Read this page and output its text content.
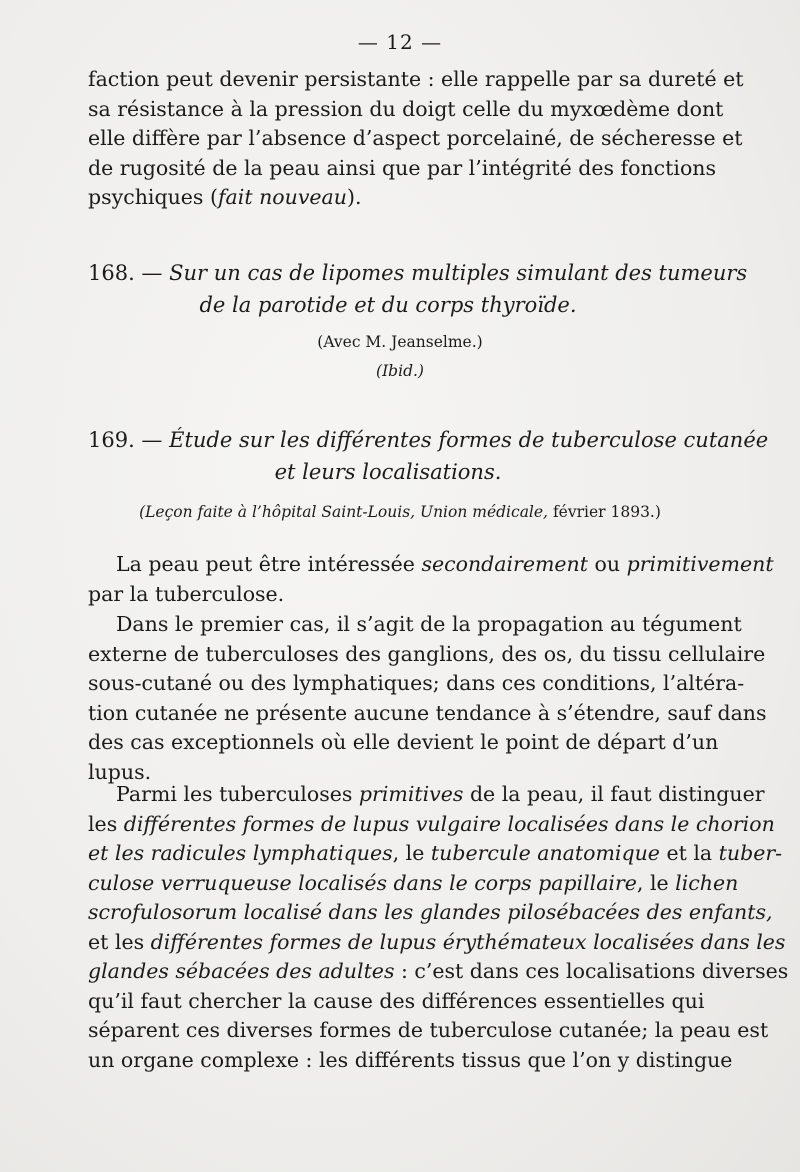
— 12 —
faction peut devenir persistante : elle rappelle par sa dureté et
sa résistance à la pression du doigt celle du myxœdème dont
elle diffère par l’absence d’aspect porcelainé, de sécheresse et
de rugosité de la peau ainsi que par l’intégrité des fonctions
psychiques (fait nouveau).
168. — Sur un cas de lipomes multiples simulant des tumeurs
de la parotide et du corps thyroïde.
(Avec M. Jeanselme.)
(Ibid.)
169. — Étude sur les différentes formes de tuberculose cutanée
et leurs localisations.
(Leçon faite à l’hôpital Saint-Louis, Union médicale, février 1893.)
La peau peut être intéressée secondairement ou primitivement
par la tuberculose.
Dans le premier cas, il s’agit de la propagation au tégument
externe de tuberculoses des ganglions, des os, du tissu cellulaire
sous-cutané ou des lymphatiques; dans ces conditions, l’altéra-
tion cutanée ne présente aucune tendance à s’étendre, sauf dans
des cas exceptionnels où elle devient le point de départ d’un
lupus.
Parmi les tuberculoses primitives de la peau, il faut distinguer
les différentes formes de lupus vulgaire localisées dans le chorion
et les radicules lymphatiques, le tubercule anatomique et la tuber-
culose verruqueuse localisés dans le corps papillaire, le lichen
scrofulosorum localisé dans les glandes pilosébacées des enfants,
et les différentes formes de lupus érythémateux localisées dans les
glandes sébacées des adultes : c’est dans ces localisations diverses
qu’il faut chercher la cause des différences essentielles qui
séparent ces diverses formes de tuberculose cutanée; la peau est
un organe complexe : les différents tissus que l’on y distingue
